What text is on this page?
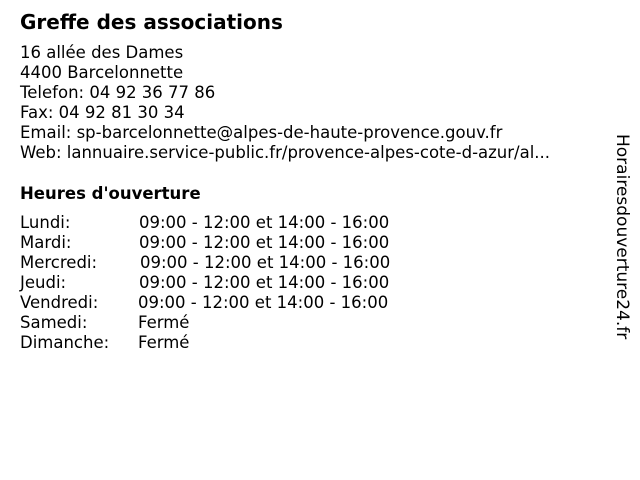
Greffe des associations
16 allée des Dames
4400 Barcelonnette
Telefon: 04 92 36 77 86
Fax: 04 92 81 30 34
Email: sp-barcelonnette@alpes-de-haute-provence.gouv.fr
Web: lannuaire.service-public.fr/provence-alpes-cote-d-azur/al...
Heures d'ouverture
Lundi:	09:00 - 12:00 et 14:00 - 16:00
Mardi:	09:00 - 12:00 et 14:00 - 16:00
Mercredi:	09:00 - 12:00 et 14:00 - 16:00
Jeudi:	09:00 - 12:00 et 14:00 - 16:00
Vendredi: 09:00 - 12:00 et 14:00 - 16:00
Samedi:	Fermé
Dimanche: Fermé
Horairesdouverture24.fr
